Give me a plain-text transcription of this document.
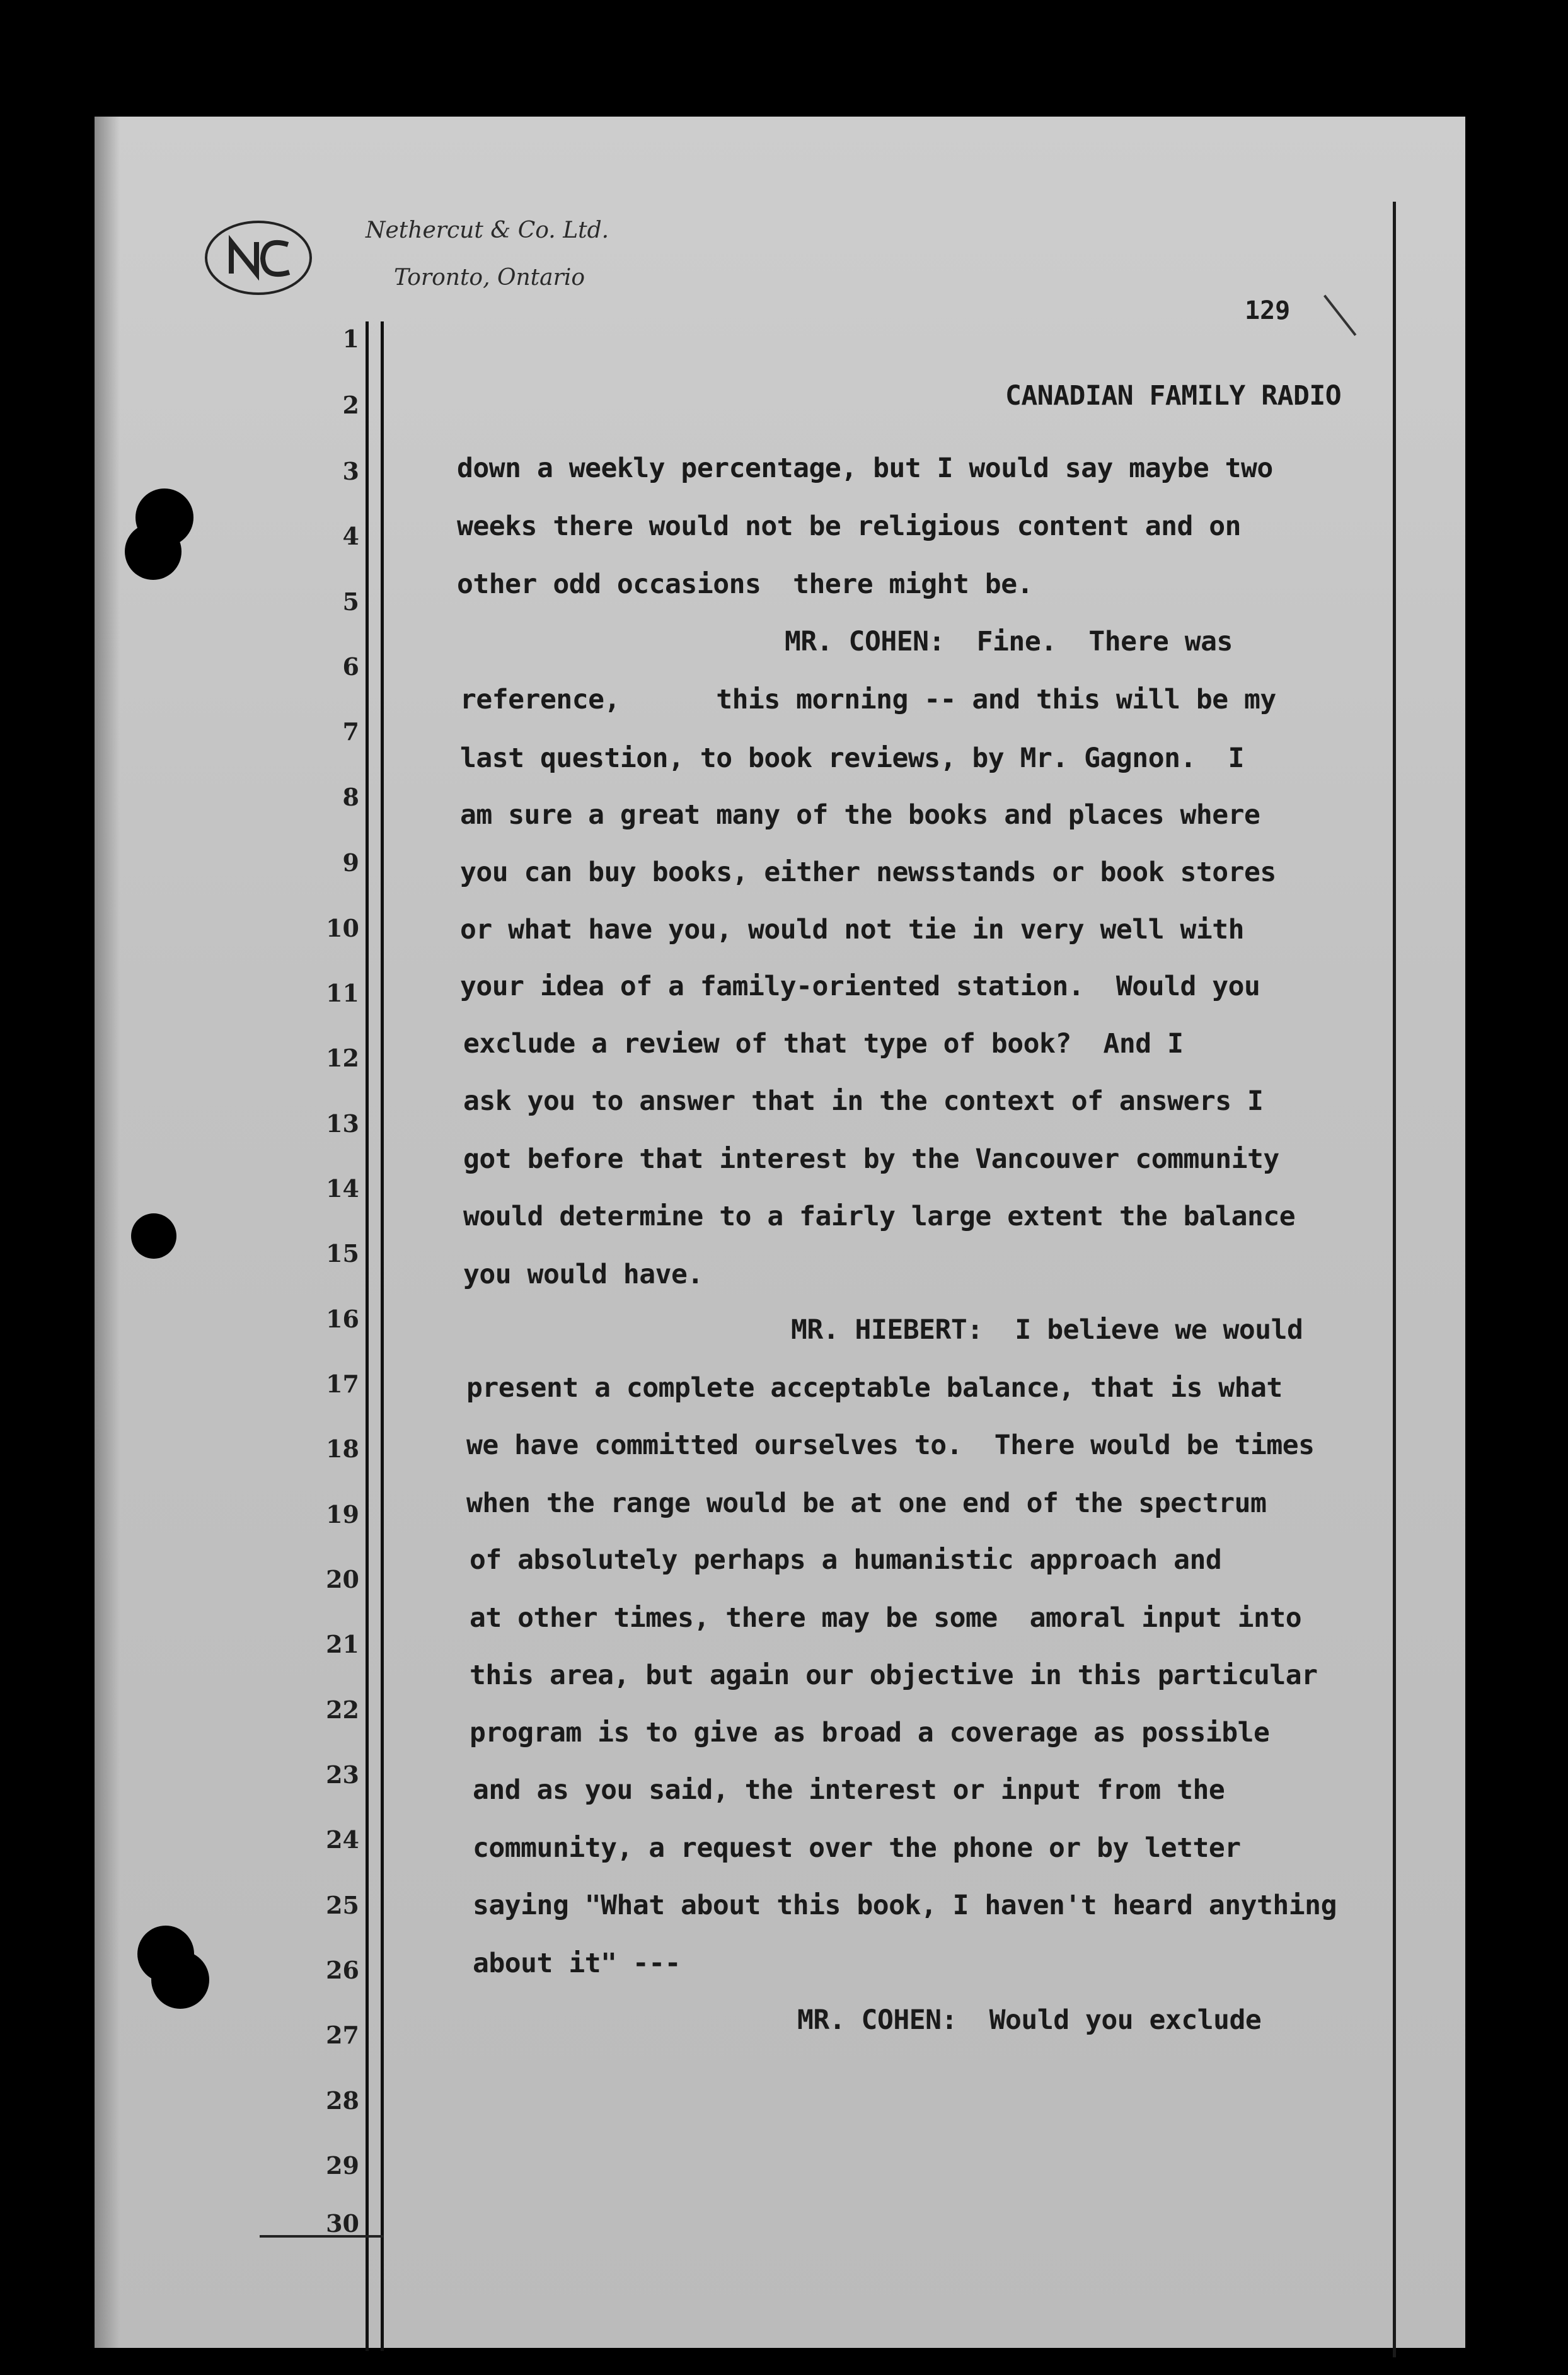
Nethercut & Co. Ltd.
Toronto, Ontario
129
1
2
3
4
5
6
7
8
9
10
11
12
13
14
15
16
17
18
19
20
21
22
23
24
25
26
27
28
29
30
CANADIAN FAMILY RADIO
down a weekly percentage, but I would say maybe two
weeks there would not be religious content and on
other odd occasions  there might be.
MR. COHEN:  Fine.  There was
reference,      this morning -- and this will be my
last question, to book reviews, by Mr. Gagnon.  I
am sure a great many of the books and places where
you can buy books, either newsstands or book stores
or what have you, would not tie in very well with
your idea of a family-oriented station.  Would you
exclude a review of that type of book?  And I
ask you to answer that in the context of answers I
got before that interest by the Vancouver community
would determine to a fairly large extent the balance
you would have.
MR. HIEBERT:  I believe we would
present a complete acceptable balance, that is what
we have committed ourselves to.  There would be times
when the range would be at one end of the spectrum
of absolutely perhaps a humanistic approach and
at other times, there may be some  amoral input into
this area, but again our objective in this particular
program is to give as broad a coverage as possible
and as you said, the interest or input from the
community, a request over the phone or by letter
saying "What about this book, I haven't heard anything
about it" ---
MR. COHEN:  Would you exclude
